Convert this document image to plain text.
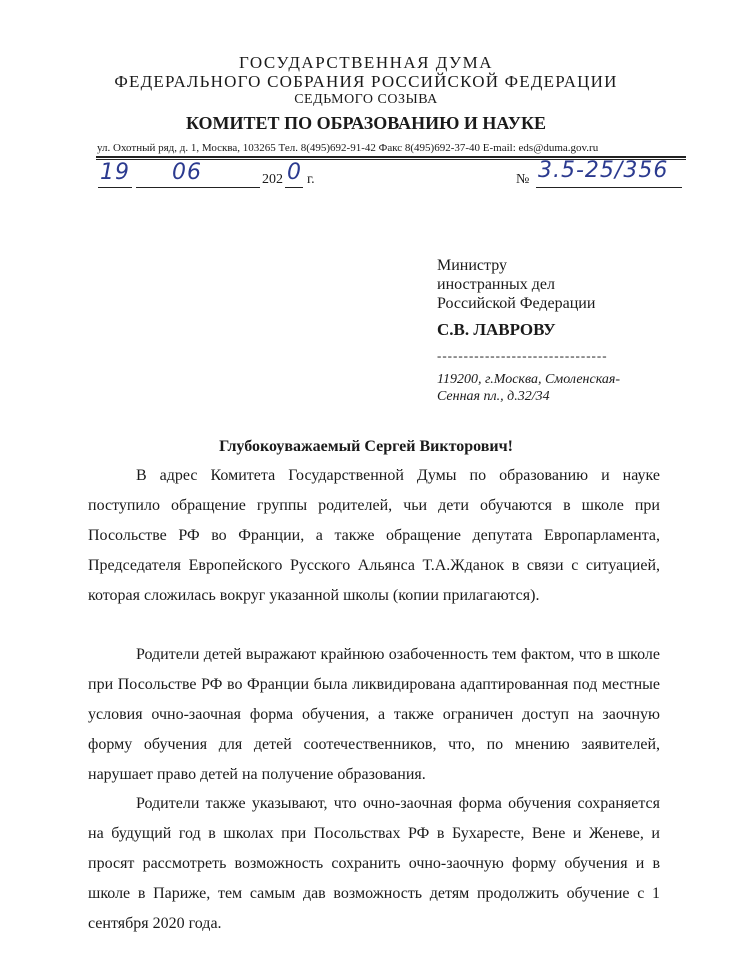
ГОСУДАРСТВЕННАЯ ДУМА
ФЕДЕРАЛЬНОГО СОБРАНИЯ РОССИЙСКОЙ ФЕДЕРАЦИИ
СЕДЬМОГО СОЗЫВА
КОМИТЕТ ПО ОБРАЗОВАНИЮ И НАУКЕ
ул. Охотный ряд, д. 1, Москва, 103265 Тел. 8(495)692-91-42 Факс 8(495)692-37-40 E-mail: eds@duma.gov.ru
19 06	202 0 г.	№ 3.5-25/356
Министру
иностранных дел
Российской Федерации
С.В. ЛАВРОВУ
--------------------------------
119200, г.Москва, Смоленская-
Сенная пл., д.32/34
Глубокоуважаемый Сергей Викторович!

В адрес Комитета Государственной Думы по образованию и науке поступило обращение группы родителей, чьи дети обучаются в школе при Посольстве РФ во Франции, а также обращение депутата Европарламента, Председателя Европейского Русского Альянса Т.А.Жданок в связи с ситуацией, которая сложилась вокруг указанной школы (копии прилагаются).

Родители детей выражают крайнюю озабоченность тем фактом, что в школе при Посольстве РФ во Франции была ликвидирована адаптированная под местные условия очно-заочная форма обучения, а также ограничен доступ на заочную форму обучения для детей соотечественников, что, по мнению заявителей, нарушает право детей на получение образования.

Родители также указывают, что очно-заочная форма обучения сохраняется на будущий год в школах при Посольствах РФ в Бухаресте, Вене и Женеве, и просят рассмотреть возможность сохранить очно-заочную форму обучения и в школе в Париже, тем самым дав возможность детям продолжить обучение с 1 сентября 2020 года.
